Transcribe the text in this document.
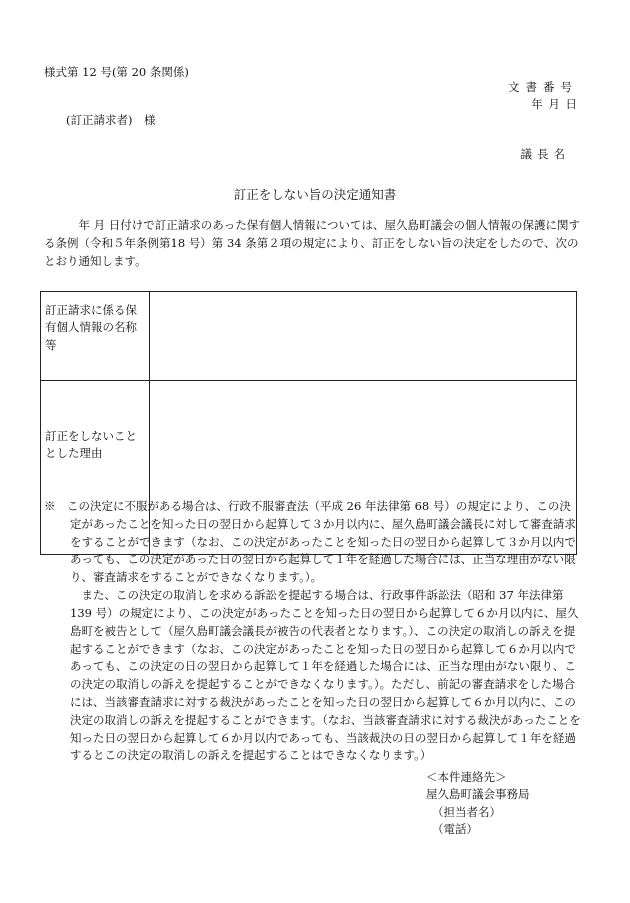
様式第 12 号(第 20 条関係)
文書番号
年 月 日
(訂正請求者)　様
議長名
訂正をしない旨の決定通知書
年 月 日付けで訂正請求のあった保有個人情報については、屋久島町議会の個人情報の保護に関する条例（令和５年条例第18 号）第 34 条第２項の規定により、訂正をしない旨の決定をしたので、次のとおり通知します。
訂正請求に係る保有個人情報の名称等	
訂正をしないこととした理由	

※　この決定に不服がある場合は、行政不服審査法（平成 26 年法律第 68 号）の規定により、この決定があったことを知った日の翌日から起算して３か月以内に、屋久島町議会議長に対して審査請求をすることができます（なお、この決定があったことを知った日の翌日から起算して３か月以内であっても、この決定があった日の翌日から起算して１年を経過した場合には、正当な理由がない限り、審査請求をすることができなくなります。）。

また、この決定の取消しを求める訴訟を提起する場合は、行政事件訴訟法（昭和 37 年法律第 139 号）の規定により、この決定があったことを知った日の翌日から起算して６か月以内に、屋久島町を被告として（屋久島町議会議長が被告の代表者となります。）、この決定の取消しの訴えを提起することができます（なお、この決定があったことを知った日の翌日から起算して６か月以内であっても、この決定の日の翌日から起算して１年を経過した場合には、正当な理由がない限り、この決定の取消しの訴えを提起することができなくなります。）。ただし、前記の審査請求をした場合には、当該審査請求に対する裁決があったことを知った日の翌日から起算して６か月以内に、この決定の取消しの訴えを提起することができます。（なお、当該審査請求に対する裁決があったことを知った日の翌日から起算して６か月以内であっても、当該裁決の日の翌日から起算して１年を経過するとこの決定の取消しの訴えを提起することはできなくなります。）

＜本件連絡先＞
屋久島町議会事務局
（担当者名）
（電話）
